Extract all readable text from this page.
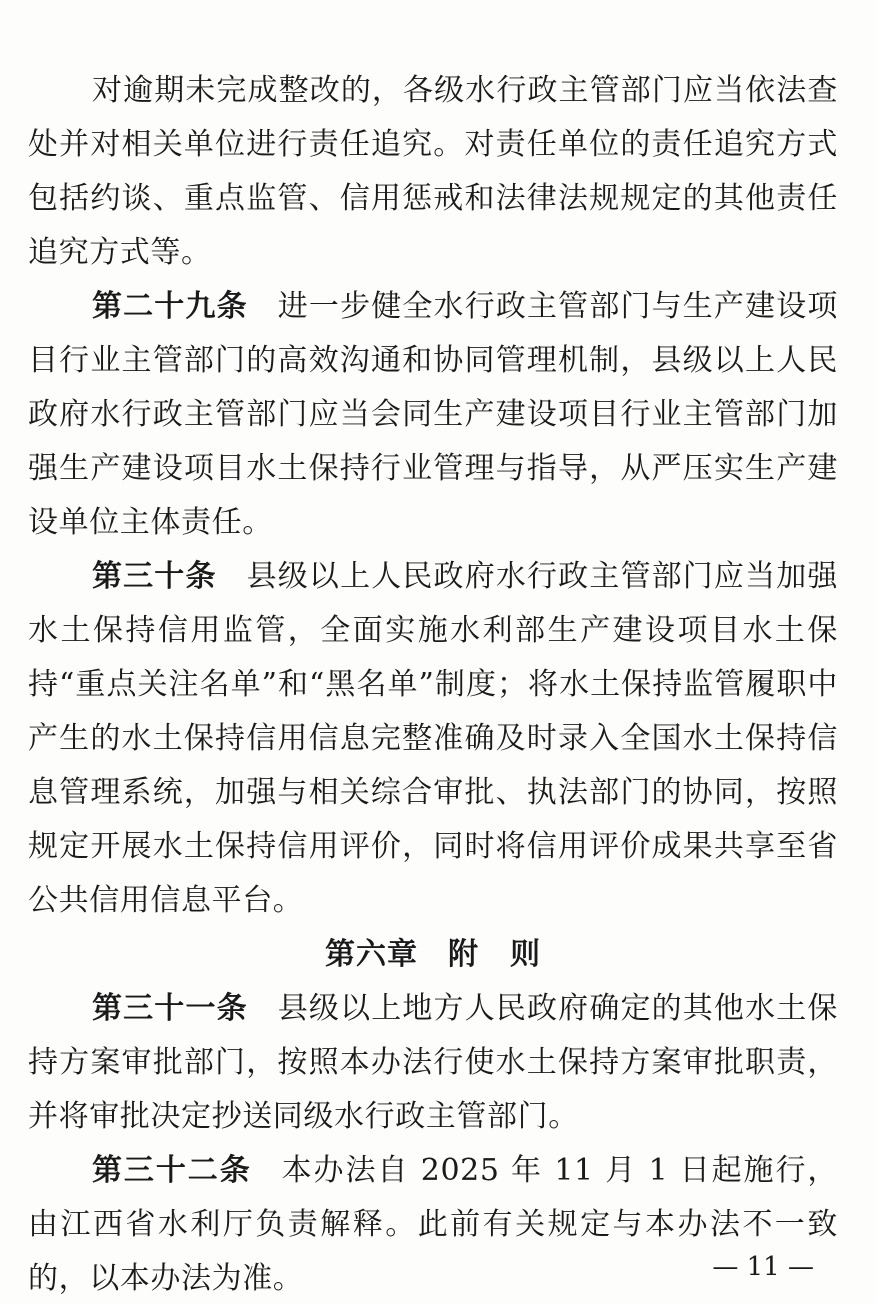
对逾期未完成整改的，各级水行政主管部门应当依法查处并对相关单位进行责任追究。对责任单位的责任追究方式包括约谈、重点监管、信用惩戒和法律法规规定的其他责任追究方式等。

第二十九条 进一步健全水行政主管部门与生产建设项目行业主管部门的高效沟通和协同管理机制，县级以上人民政府水行政主管部门应当会同生产建设项目行业主管部门加强生产建设项目水土保持行业管理与指导，从严压实生产建设单位主体责任。

第三十条 县级以上人民政府水行政主管部门应当加强水土保持信用监管，全面实施水利部生产建设项目水土保持“重点关注名单”和“黑名单”制度；将水土保持监管履职中产生的水土保持信用信息完整准确及时录入全国水土保持信息管理系统，加强与相关综合审批、执法部门的协同，按照规定开展水土保持信用评价，同时将信用评价成果共享至省公共信用信息平台。

第六章 附　则

第三十一条 县级以上地方人民政府确定的其他水土保持方案审批部门，按照本办法行使水土保持方案审批职责，并将审批决定抄送同级水行政主管部门。

第三十二条 本办法自 2025 年 11 月 1 日起施行，由江西省水利厅负责解释。此前有关规定与本办法不一致的，以本办法为准。	— 11 —
